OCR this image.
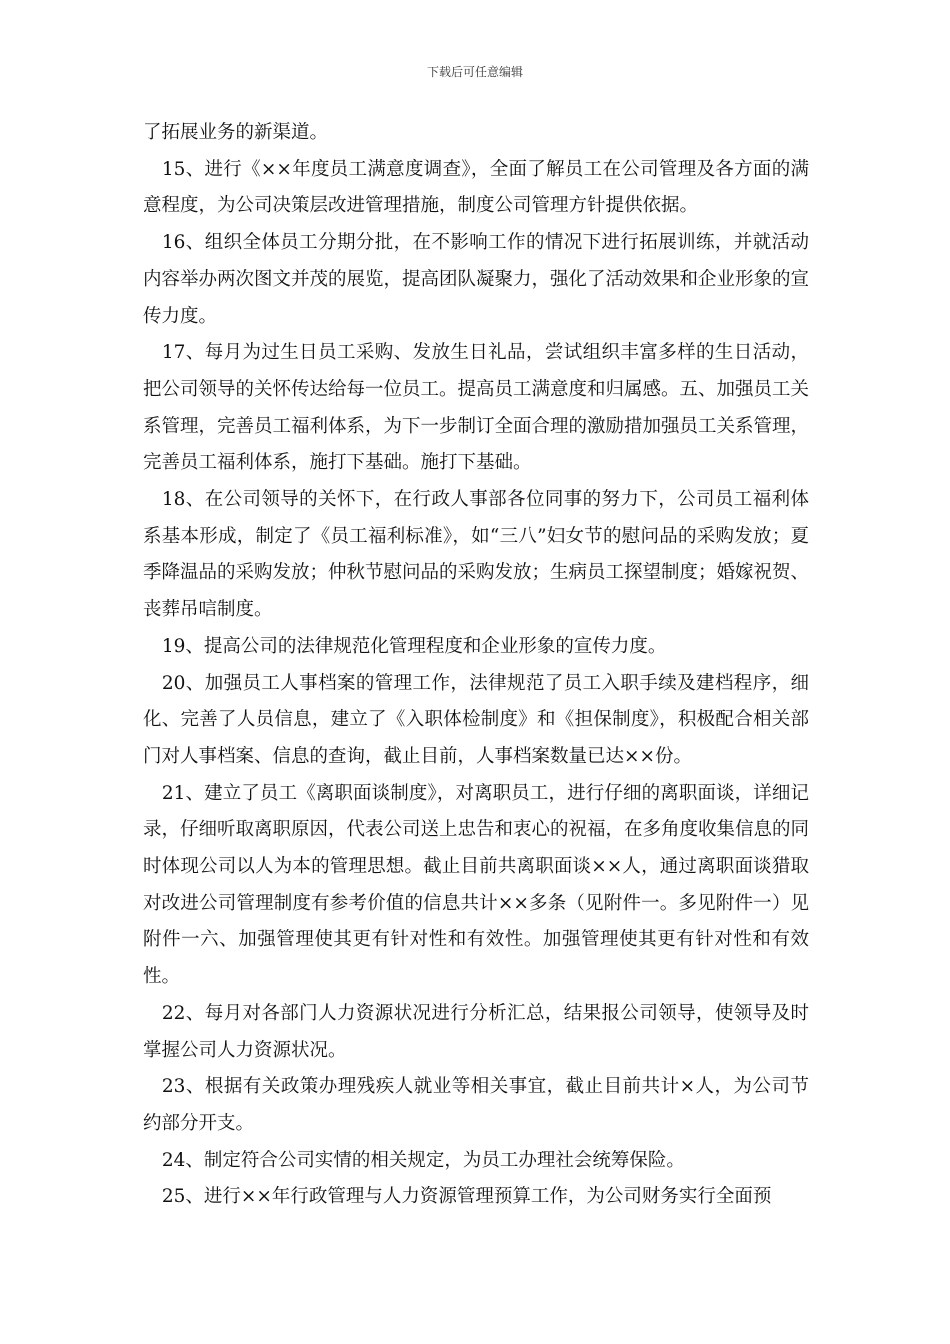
下载后可任意编辑

了拓展业务的新渠道。

15、进行《××年度员工满意度调查》，全面了解员工在公司管理及各方面的满意程度，为公司决策层改进管理措施，制度公司管理方针提供依据。

16、组织全体员工分期分批，在不影响工作的情况下进行拓展训练，并就活动内容举办两次图文并茂的展览，提高团队凝聚力，强化了活动效果和企业形象的宣传力度。

17、每月为过生日员工采购、发放生日礼品，尝试组织丰富多样的生日活动，把公司领导的关怀传达给每一位员工。提高员工满意度和归属感。五、加强员工关系管理，完善员工福利体系，为下一步制订全面合理的激励措加强员工关系管理，完善员工福利体系，施打下基础。施打下基础。

18、在公司领导的关怀下，在行政人事部各位同事的努力下，公司员工福利体系基本形成，制定了《员工福利标准》，如“三八”妇女节的慰问品的采购发放；夏季降温品的采购发放；仲秋节慰问品的采购发放；生病员工探望制度；婚嫁祝贺、丧葬吊唁制度。

19、提高公司的法律规范化管理程度和企业形象的宣传力度。

20、加强员工人事档案的管理工作，法律规范了员工入职手续及建档程序，细化、完善了人员信息，建立了《入职体检制度》和《担保制度》，积极配合相关部门对人事档案、信息的查询，截止目前，人事档案数量已达××份。

21、建立了员工《离职面谈制度》，对离职员工，进行仔细的离职面谈，详细记录，仔细听取离职原因，代表公司送上忠告和衷心的祝福，在多角度收集信息的同时体现公司以人为本的管理思想。截止目前共离职面谈××人，通过离职面谈猎取对改进公司管理制度有参考价值的信息共计××多条（见附件一。多见附件一）见附件一六、加强管理使其更有针对性和有效性。加强管理使其更有针对性和有效性。

22、每月对各部门人力资源状况进行分析汇总，结果报公司领导，使领导及时掌握公司人力资源状况。

23、根据有关政策办理残疾人就业等相关事宜，截止目前共计×人，为公司节约部分开支。

24、制定符合公司实情的相关规定，为员工办理社会统筹保险。

25、进行××年行政管理与人力资源管理预算工作，为公司财务实行全面预
